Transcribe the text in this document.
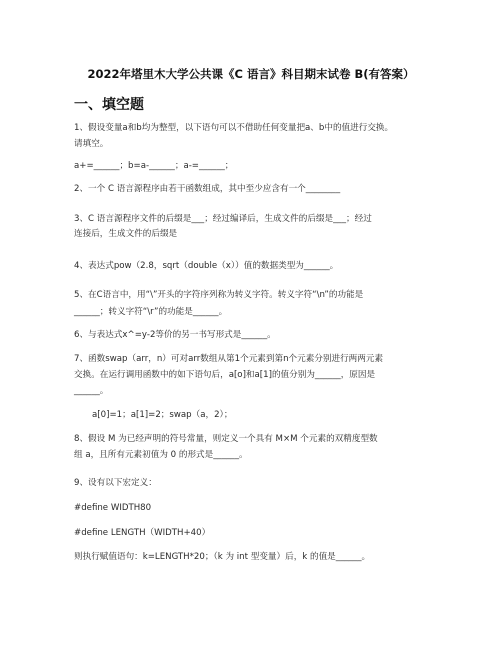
2022年塔里木大学公共课《C 语言》科目期末试卷 B(有答案）
一、填空题
1、假设变量a和b均为整型，以下语句可以不借助任何变量把a、b中的值进行交换。
请填空。
a+=______；b=a-______；a-=______；
2、一个 C 语言源程序由若干函数组成，其中至少应含有一个________
3、C 语言源程序文件的后缀是___；经过编译后，生成文件的后缀是___；经过
连接后，生成文件的后缀是
4、表达式pow（2.8，sqrt（double（x））值的数据类型为______。
5、在C语言中，用“\”开头的字符序列称为转义字符。转义字符“\n”的功能是
______；转义字符“\r”的功能是______。
6、与表达式x^=y-2等价的另一书写形式是______。
7、函数swap（arr，n）可对arr数组从第1个元素到第n个元素分别进行两两元素
交换。在运行调用函数中的如下语句后，a[o]和a[1]的值分别为______，原因是
______。
a[0]=1；a[1]=2；swap（a，2）；
8、假设 M 为已经声明的符号常量，则定义一个具有 M×M 个元素的双精度型数
组 a，且所有元素初值为 0 的形式是______。
9、设有以下宏定义：
#define WIDTH80
#define LENGTH（WIDTH+40）
则执行赋值语句：k=LENGTH*20；（k 为 int 型变量）后，k 的值是______。
